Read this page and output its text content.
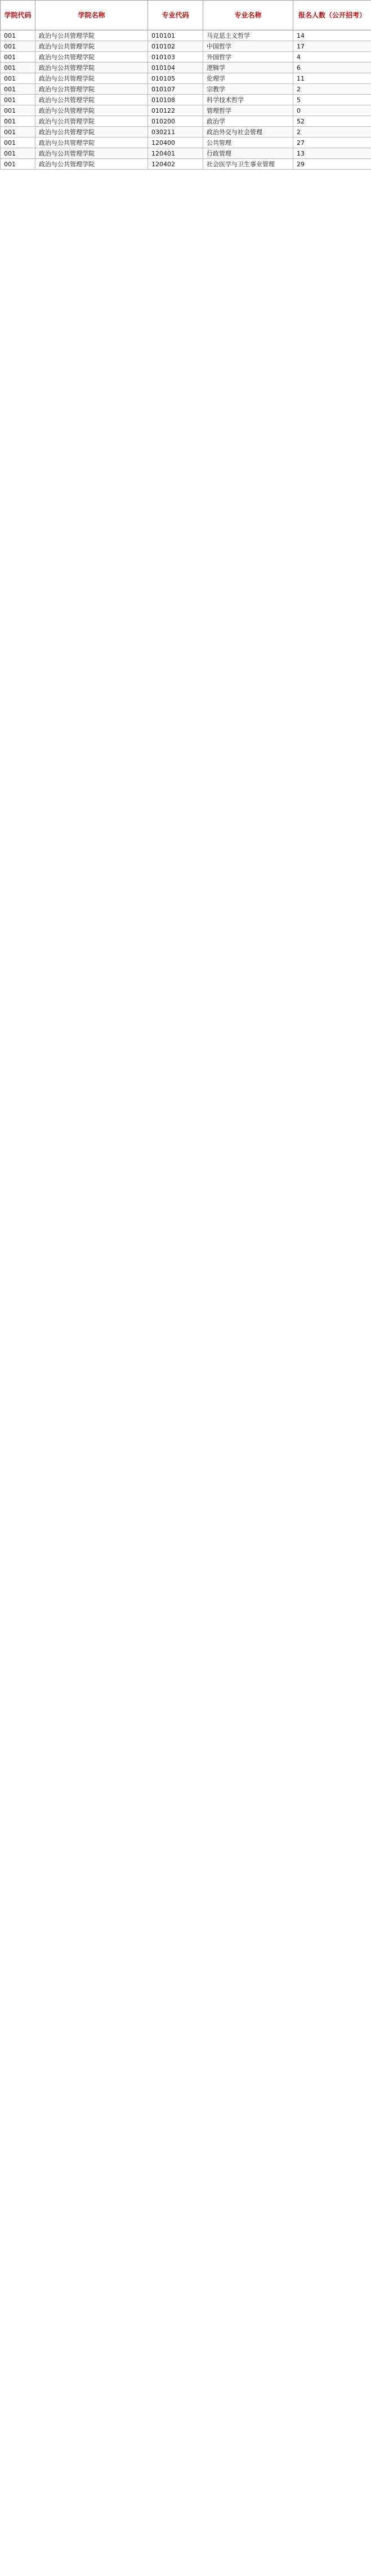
学院代码	学院名称	专业代码	专业名称	报名人数（公开招考）
001	政治与公共管理学院	010101	马克思主义哲学	14
001	政治与公共管理学院	010102	中国哲学	17
001	政治与公共管理学院	010103	外国哲学	4
001	政治与公共管理学院	010104	逻辑学	6
001	政治与公共管理学院	010105	伦理学	11
001	政治与公共管理学院	010107	宗教学	2
001	政治与公共管理学院	010108	科学技术哲学	5
001	政治与公共管理学院	010122	管理哲学	0
001	政治与公共管理学院	010200	政治学	52
001	政治与公共管理学院	030211	政治外交与社会管理	2
001	政治与公共管理学院	120400	公共管理	27
001	政治与公共管理学院	120401	行政管理	13
001	政治与公共管理学院	120402	社会医学与卫生事业管理	29
